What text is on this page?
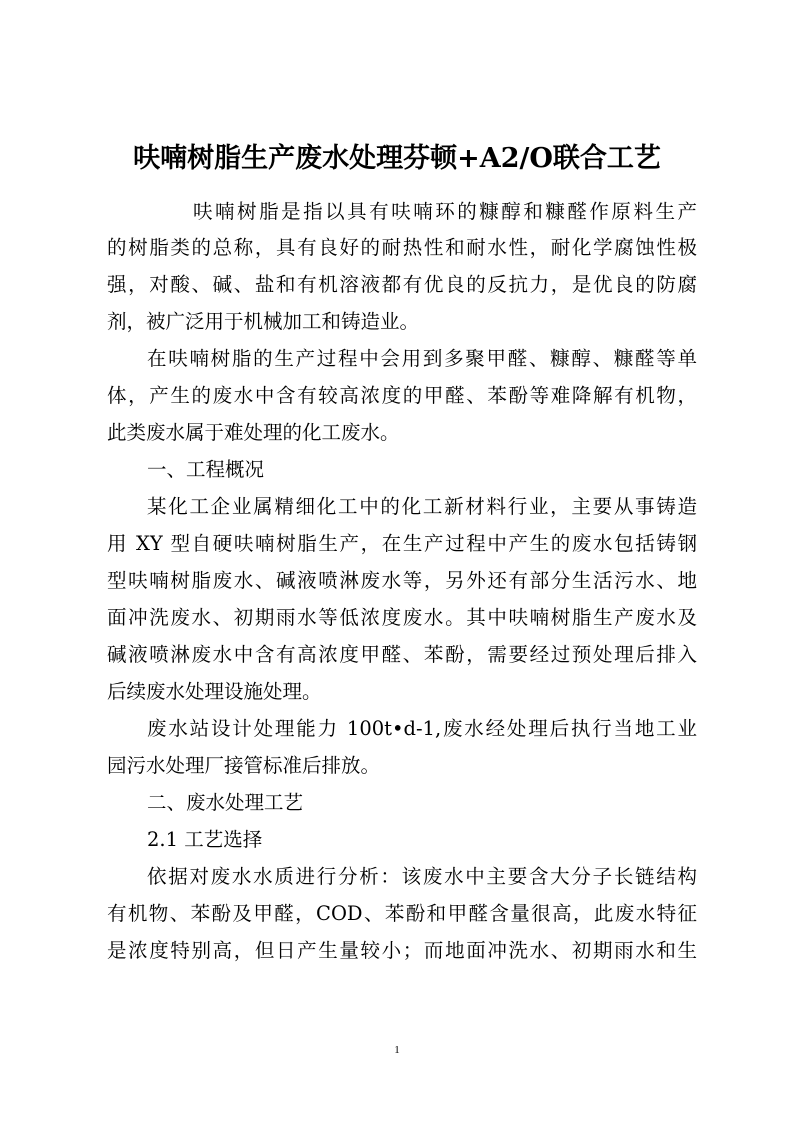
呋喃树脂生产废水处理芬顿+A2/O联合工艺
呋喃树脂是指以具有呋喃环的糠醇和糠醛作原料生产
的树脂类的总称，具有良好的耐热性和耐水性，耐化学腐蚀性极
强，对酸、碱、盐和有机溶液都有优良的反抗力，是优良的防腐
剂，被广泛用于机械加工和铸造业。
在呋喃树脂的生产过程中会用到多聚甲醛、糠醇、糠醛等单
体，产生的废水中含有较高浓度的甲醛、苯酚等难降解有机物，
此类废水属于难处理的化工废水。
一、工程概况
某化工企业属精细化工中的化工新材料行业，主要从事铸造
用 XY 型自硬呋喃树脂生产，在生产过程中产生的废水包括铸钢
型呋喃树脂废水、碱液喷淋废水等，另外还有部分生活污水、地
面冲洗废水、初期雨水等低浓度废水。其中呋喃树脂生产废水及
碱液喷淋废水中含有高浓度甲醛、苯酚，需要经过预处理后排入
后续废水处理设施处理。
废水站设计处理能力 100t•d-1,废水经处理后执行当地工业
园污水处理厂接管标准后排放。
二、废水处理工艺
2.1 工艺选择
依据对废水水质进行分析：该废水中主要含大分子长链结构
有机物、苯酚及甲醛，COD、苯酚和甲醛含量很高，此废水特征
是浓度特别高，但日产生量较小；而地面冲洗水、初期雨水和生
1
